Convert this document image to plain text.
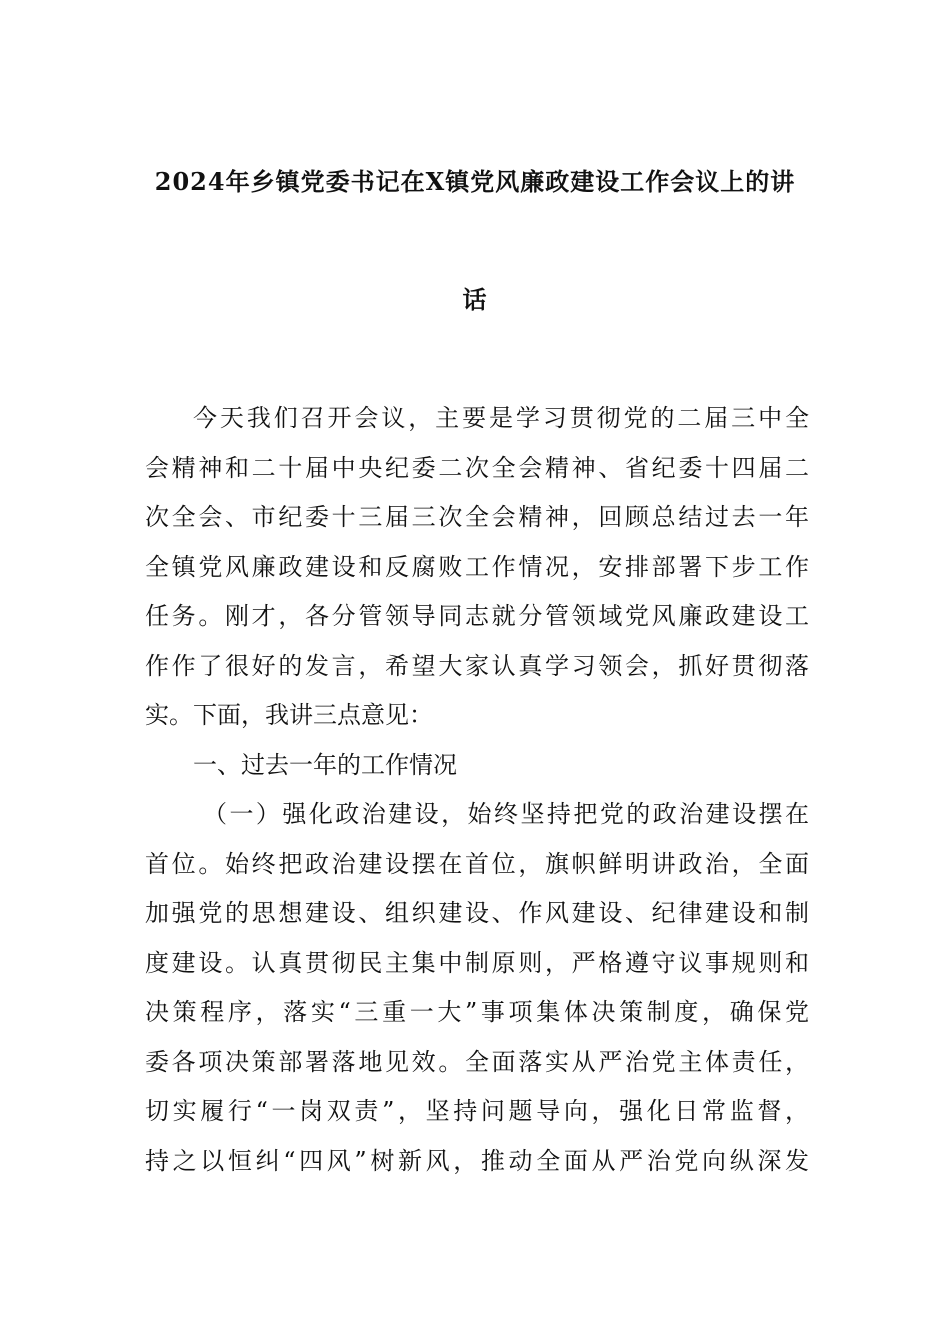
2024年乡镇党委书记在X镇党风廉政建设工作会议上的讲
话
今天我们召开会议，主要是学习贯彻党的二届三中全
会精神和二十届中央纪委二次全会精神、省纪委十四届二
次全会、市纪委十三届三次全会精神，回顾总结过去一年
全镇党风廉政建设和反腐败工作情况，安排部署下步工作
任务。刚才，各分管领导同志就分管领域党风廉政建设工
作作了很好的发言，希望大家认真学习领会，抓好贯彻落
实。下面，我讲三点意见：
一、过去一年的工作情况
（一）强化政治建设，始终坚持把党的政治建设摆在
首位。始终把政治建设摆在首位，旗帜鲜明讲政治，全面
加强党的思想建设、组织建设、作风建设、纪律建设和制
度建设。认真贯彻民主集中制原则，严格遵守议事规则和
决策程序，落实“三重一大”事项集体决策制度，确保党
委各项决策部署落地见效。全面落实从严治党主体责任，
切实履行“一岗双责”，坚持问题导向，强化日常监督，
持之以恒纠“四风”树新风，推动全面从严治党向纵深发
